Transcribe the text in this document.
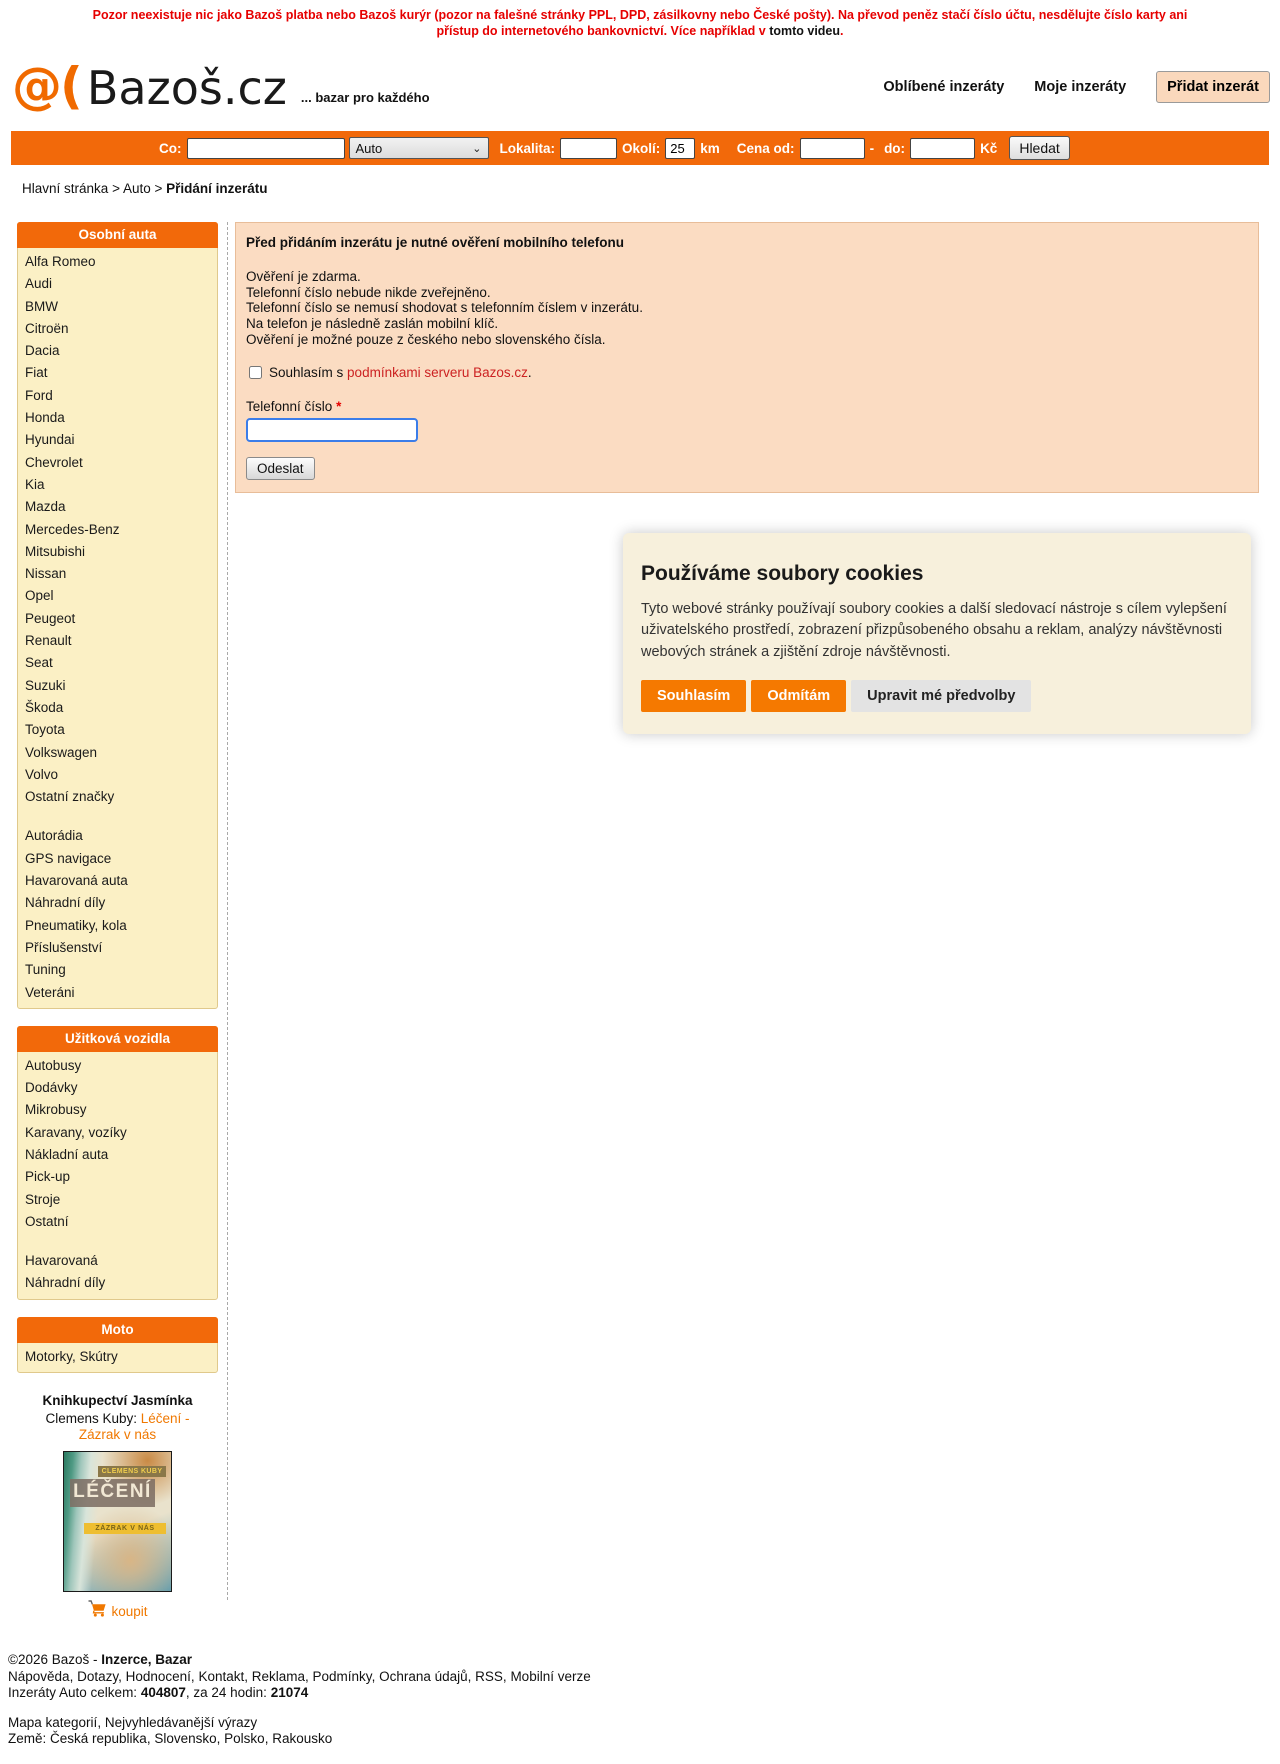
Pozor neexistuje nic jako Bazoš platba nebo Bazoš kurýr (pozor na falešné stránky PPL, DPD, zásilkovny nebo České pošty). Na převod peněz stačí číslo účtu, nesdělujte číslo karty ani přístup do internetového bankovnictví. Více například v tomto videu.
@( Bazoš.cz ... bazar pro každého
Oblíbené inzeráty Moje inzeráty	Přidat inzerát
Co:	Auto	⌄ Lokalita:	Okolí:
25	km Cena od:	- do:	Kč	Hledat
Hlavní stránka > Auto > Přidání inzerátu
Osobní auta
Alfa Romeo
Audi
BMW
Citroën
Dacia
Fiat
Ford
Honda
Hyundai
Chevrolet
Kia
Mazda
Mercedes-Benz
Mitsubishi
Nissan
Opel
Peugeot
Renault
Seat
Suzuki
Škoda
Toyota
Volkswagen
Volvo
Ostatní značky
Autorádia
GPS navigace
Havarovaná auta
Náhradní díly
Pneumatiky, kola
Příslušenství
Tuning
Veteráni
Užitková vozidla
Autobusy
Dodávky
Mikrobusy
Karavany, vozíky
Nákladní auta
Pick-up
Stroje
Ostatní
Havarovaná
Náhradní díly
Moto
Motorky, Skútry
Knihkupectví Jasmínka
Clemens Kuby: Léčení - Zázrak v nás
CLEMENS KUBY
LÉČENÍ
ZÁZRAK V NÁS
koupit
Před přidáním inzerátu je nutné ověření mobilního telefonu
Ověření je zdarma.
Telefonní číslo nebude nikde zveřejněno.
Telefonní číslo se nemusí shodovat s telefonním číslem v inzerátu.
Na telefon je následně zaslán mobilní klíč.
Ověření je možné pouze z českého nebo slovenského čísla.
Souhlasím s podmínkami serveru Bazos.cz.
Telefonní číslo *
Odeslat
Používáme soubory cookies

Tyto webové stránky používají soubory cookies a další sledovací nástroje s cílem vylepšení uživatelského prostředí, zobrazení přizpůsobeného obsahu a reklam, analýzy návštěvnosti webových stránek a zjištění zdroje návštěvnosti.

Souhlasím	Odmítám	Upravit mé předvolby
©2026 Bazoš - Inzerce, Bazar
Nápověda, Dotazy, Hodnocení, Kontakt, Reklama, Podmínky, Ochrana údajů, RSS, Mobilní verze
Inzeráty Auto celkem: 404807, za 24 hodin: 21074
Mapa kategorií, Nejvyhledávanější výrazy
Země: Česká republika, Slovensko, Polsko, Rakousko
